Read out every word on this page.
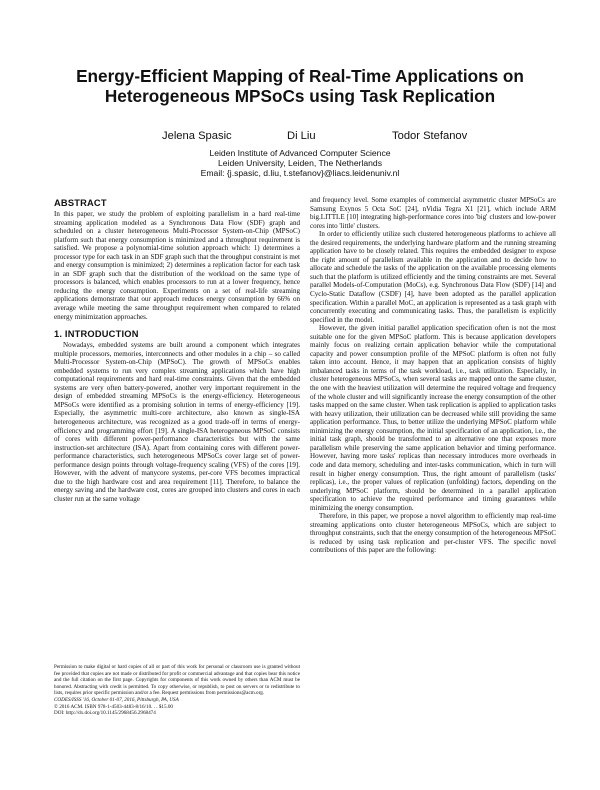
Energy-Efficient Mapping of Real-Time Applications on
Heterogeneous MPSoCs using Task Replication
Jelena Spasic	Di Liu	Todor Stefanov
Leiden Institute of Advanced Computer Science
Leiden University, Leiden, The Netherlands
Email: {j.spasic, d.liu, t.stefanov}@liacs.leidenuniv.nl
ABSTRACT

In this paper, we study the problem of exploiting parallelism in a hard real-time streaming application modeled as a Synchronous Data Flow (SDF) graph and scheduled on a cluster heterogeneous Multi-Processor System-on-Chip (MPSoC) platform such that energy consumption is minimized and a throughput requirement is satisfied. We propose a polynomial-time solution approach which: 1) determines a processor type for each task in an SDF graph such that the throughput constraint is met and energy consumption is minimized; 2) determines a replication factor for each task in an SDF graph such that the distribution of the workload on the same type of processors is balanced, which enables processors to run at a lower frequency, hence reducing the energy consumption. Experiments on a set of real-life streaming applications demonstrate that our approach reduces energy consumption by 66% on average while meeting the same throughput requirement when compared to related energy minimization approaches.

1. INTRODUCTION

Nowadays, embedded systems are built around a component which integrates multiple processors, memories, interconnects and other modules in a chip – so called Multi-Processor System-on-Chip (MPSoC). The growth of MPSoCs enables embedded systems to run very complex streaming applications which have high computational requirements and hard real-time constraints. Given that the embedded systems are very often battery-powered, another very important requirement in the design of embedded streaming MPSoCs is the energy-efficiency. Heterogeneous MPSoCs were identified as a promising solution in terms of energy-efficiency [19]. Especially, the asymmetric multi-core architecture, also known as single-ISA heterogeneous architecture, was recognized as a good trade-off in terms of energy-efficiency and programming effort [19]. A single-ISA heterogeneous MPSoC consists of cores with different power-performance characteristics but with the same instruction-set architecture (ISA). Apart from containing cores with different power-performance characteristics, such heterogeneous MPSoCs cover large set of power-performance design points through voltage-frequency scaling (VFS) of the cores [19]. However, with the advent of manycore systems, per-core VFS becomes impractical due to the high hardware cost and area requirement [11]. Therefore, to balance the energy saving and the hardware cost, cores are grouped into clusters and cores in each cluster run at the same voltage

Permission to make digital or hard copies of all or part of this work for personal or classroom use is granted without fee provided that copies are not made or distributed for profit or commercial advantage and that copies bear this notice and the full citation on the first page. Copyrights for components of this work owned by others than ACM must be honored. Abstracting with credit is permitted. To copy otherwise, or republish, to post on servers or to redistribute to lists, requires prior specific permission and/or a fee. Request permissions from permissions@acm.org.
CODES/ISSS '16, October 01-07, 2016, Pittsburgh, PA, USA
© 2016 ACM. ISBN 978-1-4503-4483-8/16/10. . . $15.00
DOI: http://dx.doi.org/10.1145/2968456.2968474

and frequency level. Some examples of commercial asymmetric cluster MPSoCs are Samsung Exynos 5 Octa SoC [24], nVidia Tegra X1 [21], which include ARM big.LITTLE [10] integrating high-performance cores into 'big' clusters and low-power cores into 'little' clusters.

In order to efficiently utilize such clustered heterogeneous platforms to achieve all the desired requirements, the underlying hardware platform and the running streaming application have to be closely related. This requires the embedded designer to expose the right amount of parallelism available in the application and to decide how to allocate and schedule the tasks of the application on the available processing elements such that the platform is utilized efficiently and the timing constraints are met. Several parallel Models-of-Computation (MoCs), e.g. Synchronous Data Flow (SDF) [14] and Cyclo-Static Dataflow (CSDF) [4], have been adopted as the parallel application specification. Within a parallel MoC, an application is represented as a task graph with concurrently executing and communicating tasks. Thus, the parallelism is explicitly specified in the model.

However, the given initial parallel application specification often is not the most suitable one for the given MPSoC platform. This is because application developers mainly focus on realizing certain application behavior while the computational capacity and power consumption profile of the MPSoC platform is often not fully taken into account. Hence, it may happen that an application consists of highly imbalanced tasks in terms of the task workload, i.e., task utilization. Especially, in cluster heterogeneous MPSoCs, when several tasks are mapped onto the same cluster, the one with the heaviest utilization will determine the required voltage and frequency of the whole cluster and will significantly increase the energy consumption of the other tasks mapped on the same cluster. When task replication is applied to application tasks with heavy utilization, their utilization can be decreased while still providing the same application performance. Thus, to better utilize the underlying MPSoC platform while minimizing the energy consumption, the initial specification of an application, i.e., the initial task graph, should be transformed to an alternative one that exposes more parallelism while preserving the same application behavior and timing performance. However, having more tasks' replicas than necessary introduces more overheads in code and data memory, scheduling and inter-tasks communication, which in turn will result in higher energy consumption. Thus, the right amount of parallelism (tasks' replicas), i.e., the proper values of replication (unfolding) factors, depending on the underlying MPSoC platform, should be determined in a parallel application specification to achieve the required performance and timing guarantees while minimizing the energy consumption.

Therefore, in this paper, we propose a novel algorithm to efficiently map real-time streaming applications onto cluster heterogeneous MPSoCs, which are subject to throughput constraints, such that the energy consumption of the heterogeneous MPSoC is reduced by using task replication and per-cluster VFS. The specific novel contributions of this paper are the following:
